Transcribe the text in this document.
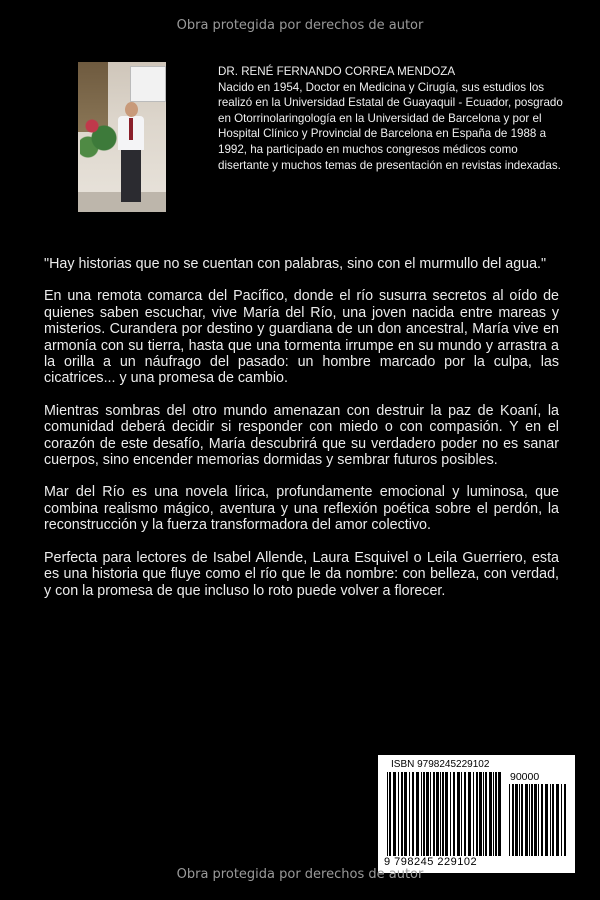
Obra protegida por derechos de autor
DR. RENÉ FERNANDO CORREA MENDOZA
Nacido en 1954, Doctor en Medicina y Cirugía, sus estudios los realizó en la Universidad Estatal de Guayaquil - Ecuador, posgrado en Otorrinolaringología en la Universidad de Barcelona y por el Hospital Clínico y Provincial de Barcelona en España de 1988 a 1992, ha participado en muchos congresos médicos como disertante y muchos temas de presentación en revistas indexadas.

"Hay historias que no se cuentan con palabras, sino con el murmullo del agua."

En una remota comarca del Pacífico, donde el río susurra secretos al oído de quienes saben escuchar, vive María del Río, una joven nacida entre mareas y misterios. Curandera por destino y guardiana de un don ancestral, María vive en armonía con su tierra, hasta que una tormenta irrumpe en su mundo y arrastra a la orilla a un náufrago del pasado: un hombre marcado por la culpa, las cicatrices... y una promesa de cambio.

Mientras sombras del otro mundo amenazan con destruir la paz de Koaní, la comunidad deberá decidir si responder con miedo o con compasión. Y en el corazón de este desafío, María descubrirá que su verdadero poder no es sanar cuerpos, sino encender memorias dormidas y sembrar futuros posibles.

Mar del Río es una novela lírica, profundamente emocional y luminosa, que combina realismo mágico, aventura y una reflexión poética sobre el perdón, la reconstrucción y la fuerza transformadora del amor colectivo.

Perfecta para lectores de Isabel Allende, Laura Esquivel o Leila Guerriero, esta es una historia que fluye como el río que le da nombre: con belleza, con verdad, y con la promesa de que incluso lo roto puede volver a florecer.

ISBN 9798245229102
90000
9 798245 229102
Obra protegida por derechos de autor
